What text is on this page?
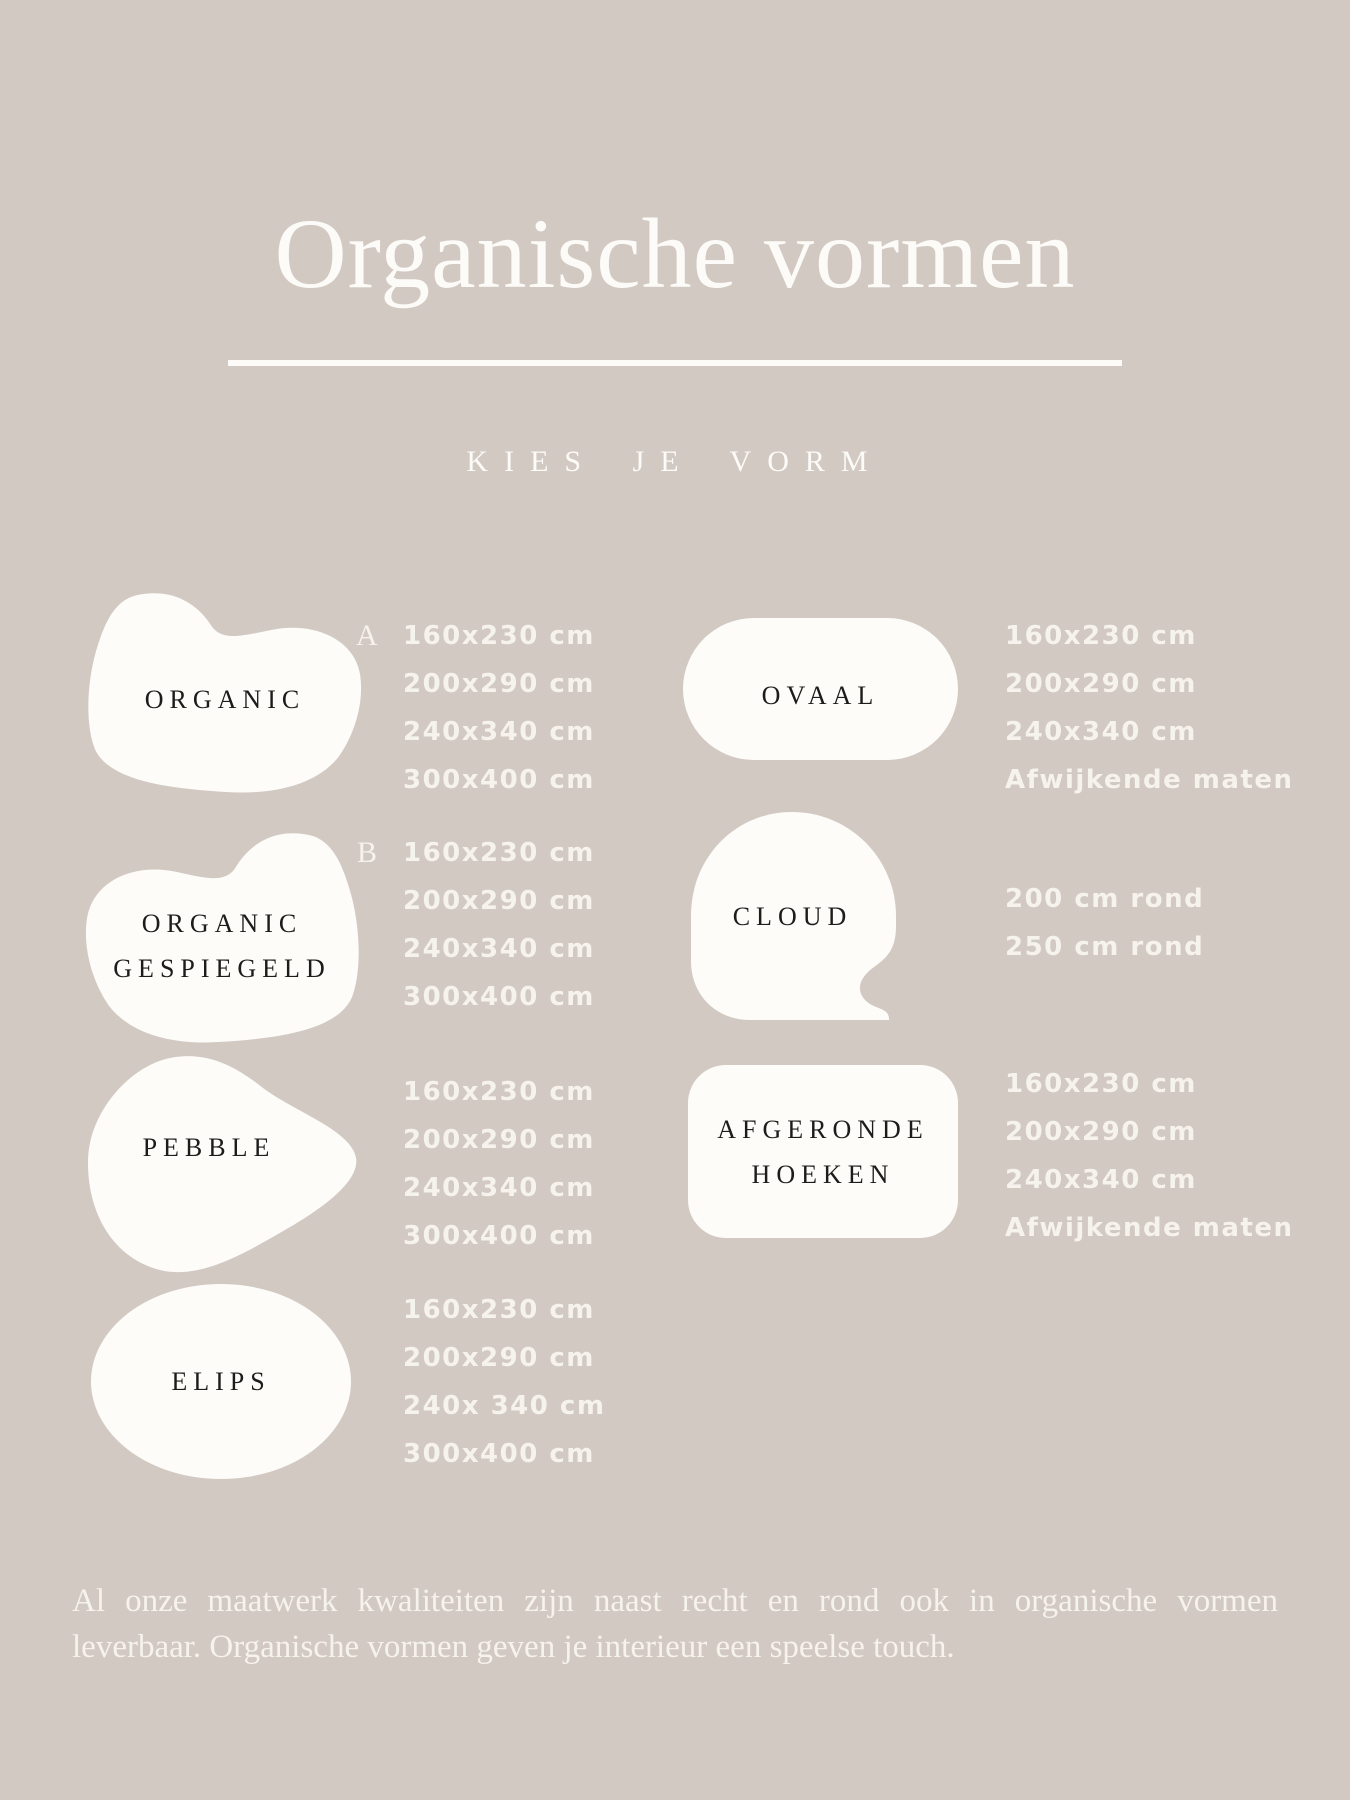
Organische vormen
KIES JE VORM
ORGANIC
A 160x230 cm
200x290 cm
240x340 cm
300x400 cm
OVAAL
160x230 cm
200x290 cm
240x340 cm
Afwijkende maten
ORGANIC
GESPIEGELD
B 160x230 cm
200x290 cm
240x340 cm
300x400 cm
CLOUD
200 cm rond
250 cm rond
PEBBLE
160x230 cm
200x290 cm
240x340 cm
300x400 cm
AFGERONDE
HOEKEN
160x230 cm
200x290 cm
240x340 cm
Afwijkende maten
ELIPS
160x230 cm
200x290 cm
240x 340 cm
300x400 cm
Al onze maatwerk kwaliteiten zijn naast recht en rond ook in organische vormen
leverbaar. Organische vormen geven je interieur een speelse touch.
